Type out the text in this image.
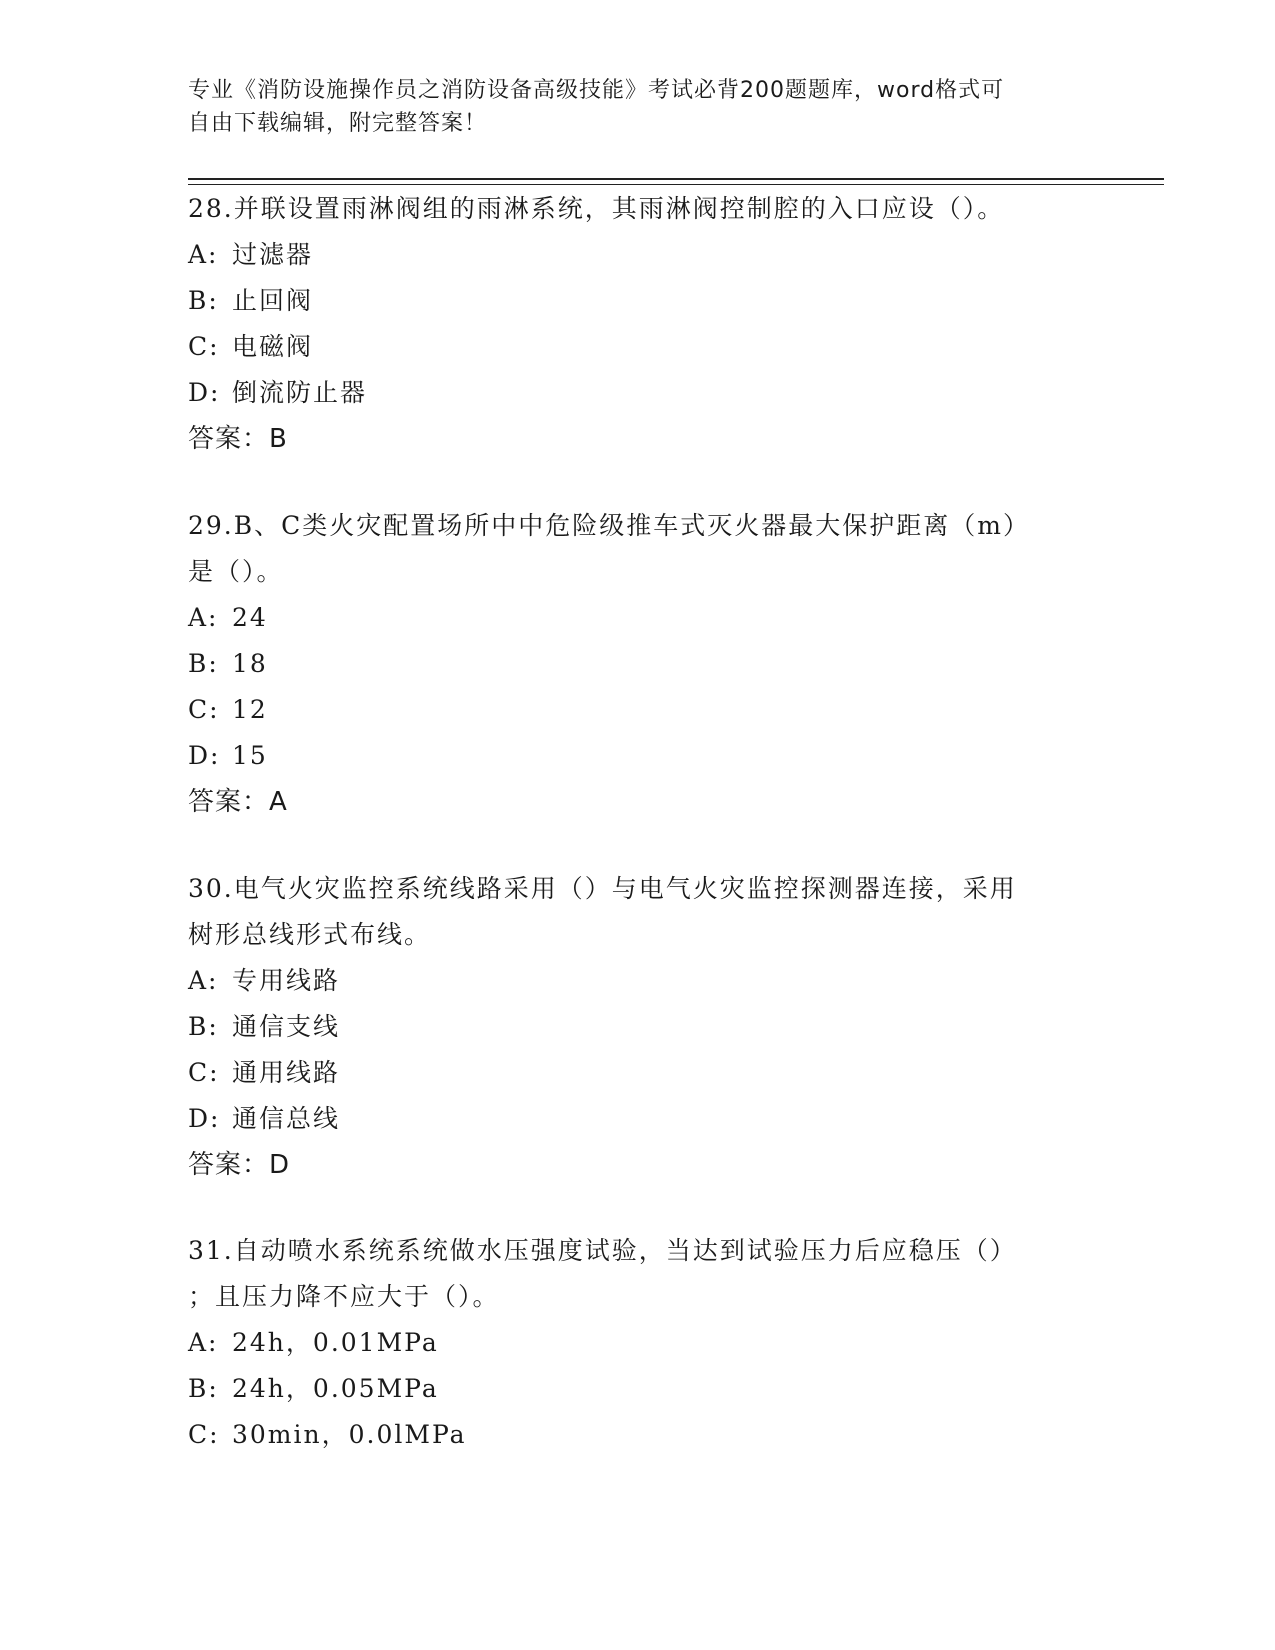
专业《消防设施操作员之消防设备高级技能》考试必背200题题库，word格式可
自由下载编辑，附完整答案！

28.并联设置雨淋阀组的雨淋系统，其雨淋阀控制腔的入口应设（）。

A: 过滤器

B: 止回阀

C: 电磁阀

D: 倒流防止器

答案：B

29.B、C类火灾配置场所中中危险级推车式灭火器最大保护距离（m）

是（）。

A: 24

B: 18

C: 12

D: 15

答案：A

30.电气火灾监控系统线路采用（）与电气火灾监控探测器连接，采用

树形总线形式布线。

A: 专用线路

B: 通信支线

C: 通用线路

D: 通信总线

答案：D

31.自动喷水系统系统做水压强度试验，当达到试验压力后应稳压（）

；且压力降不应大于（）。

A: 24h，0.01MPa

B: 24h，0.05MPa

C: 30min，0.0lMPa
